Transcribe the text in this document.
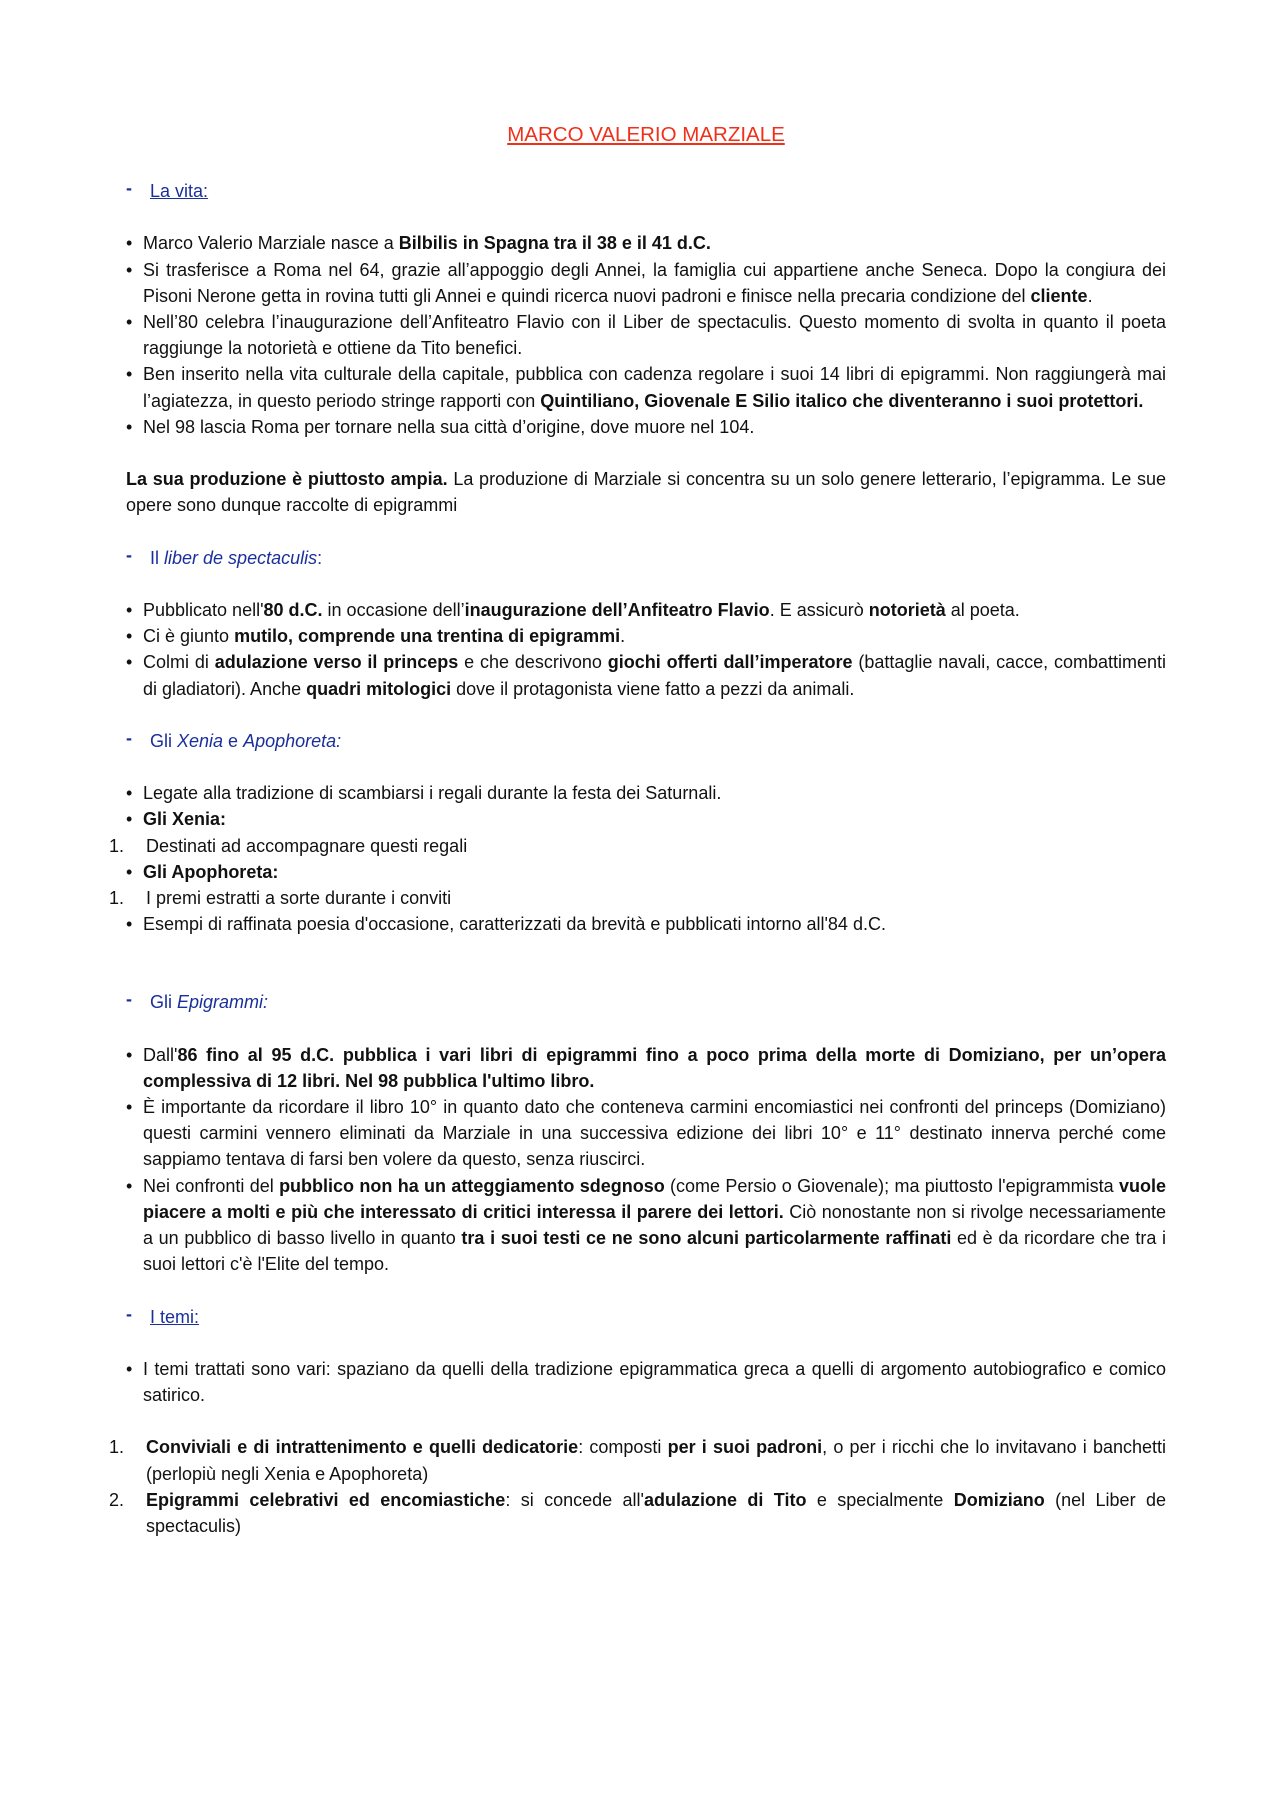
MARCO VALERIO MARZIALE
- La vita:
• Marco Valerio Marziale nasce a Bilbilis in Spagna tra il 38 e il 41 d.C.
• Si trasferisce a Roma nel 64, grazie all’appoggio degli Annei, la famiglia cui appartiene anche Seneca. Dopo la congiura dei Pisoni Nerone getta in rovina tutti gli Annei e quindi ricerca nuovi padroni e finisce nella precaria condizione del cliente.
• Nell’80 celebra l’inaugurazione dell’Anfiteatro Flavio con il Liber de spectaculis. Questo momento di svolta in quanto il poeta raggiunge la notorietà e ottiene da Tito benefici.
• Ben inserito nella vita culturale della capitale, pubblica con cadenza regolare i suoi 14 libri di epigrammi. Non raggiungerà mai l’agiatezza, in questo periodo stringe rapporti con Quintiliano, Giovenale E Silio italico che diventeranno i suoi protettori.
• Nel 98 lascia Roma per tornare nella sua città d’origine, dove muore nel 104.
La sua produzione è piuttosto ampia. La produzione di Marziale si concentra su un solo genere letterario, l’epigramma. Le sue opere sono dunque raccolte di epigrammi
- Il liber de spectaculis:
• Pubblicato nell'80 d.C. in occasione dell’inaugurazione dell’Anfiteatro Flavio. E assicurò notorietà al poeta.
• Ci è giunto mutilo, comprende una trentina di epigrammi.
• Colmi di adulazione verso il princeps e che descrivono giochi offerti dall’imperatore (battaglie navali, cacce, combattimenti di gladiatori). Anche quadri mitologici dove il protagonista viene fatto a pezzi da animali.
- Gli Xenia e Apophoreta:
• Legate alla tradizione di scambiarsi i regali durante la festa dei Saturnali.
• Gli Xenia:
1. Destinati ad accompagnare questi regali
• Gli Apophoreta:
1. I premi estratti a sorte durante i conviti
• Esempi di raffinata poesia d'occasione, caratterizzati da brevità e pubblicati intorno all'84 d.C.
- Gli Epigrammi:
• Dall'86 fino al 95 d.C. pubblica i vari libri di epigrammi fino a poco prima della morte di Domiziano, per un’opera complessiva di 12 libri. Nel 98 pubblica l'ultimo libro.
• È importante da ricordare il libro 10° in quanto dato che conteneva carmini encomiastici nei confronti del princeps (Domiziano) questi carmini vennero eliminati da Marziale in una successiva edizione dei libri 10° e 11° destinato innerva perché come sappiamo tentava di farsi ben volere da questo, senza riuscirci.
• Nei confronti del pubblico non ha un atteggiamento sdegnoso (come Persio o Giovenale); ma piuttosto l'epigrammista vuole piacere a molti e più che interessato di critici interessa il parere dei lettori. Ciò nonostante non si rivolge necessariamente a un pubblico di basso livello in quanto tra i suoi testi ce ne sono alcuni particolarmente raffinati ed è da ricordare che tra i suoi lettori c'è l'Elite del tempo.
- I temi:
• I temi trattati sono vari: spaziano da quelli della tradizione epigrammatica greca a quelli di argomento autobiografico e comico satirico.
1. Conviviali e di intrattenimento e quelli dedicatorie: composti per i suoi padroni, o per i ricchi che lo invitavano i banchetti (perlopiù negli Xenia e Apophoreta)
2. Epigrammi celebrativi ed encomiastiche: si concede all'adulazione di Tito e specialmente Domiziano (nel Liber de spectaculis)
